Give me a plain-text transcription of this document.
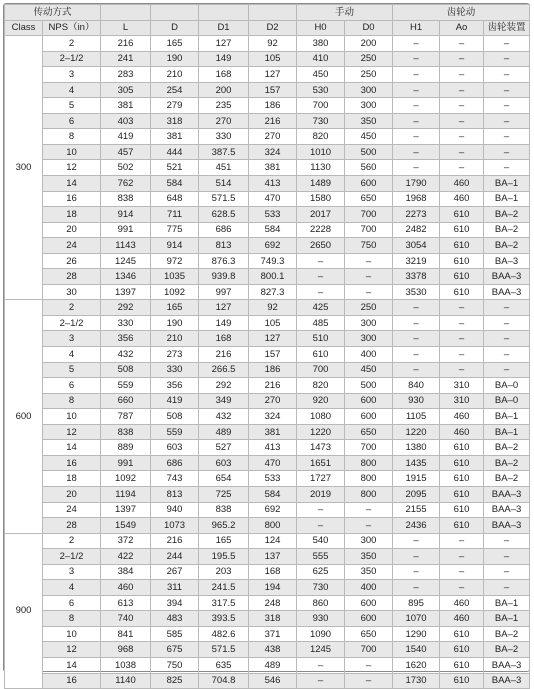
传动方式						手动		齿轮动		
Class	NPS（in）	L	D	D1	D2	H0	D0	H1	Ao	齿轮装置
300	2	216	165	127	92	380	200	–	–	–
	2–1/2	241	190	149	105	410	250	–	–	–
	3	283	210	168	127	450	250	–	–	–
	4	305	254	200	157	530	300	–	–	–
	5	381	279	235	186	700	300	–	–	–
	6	403	318	270	216	730	350	–	–	–
	8	419	381	330	270	820	450	–	–	–
	10	457	444	387.5	324	1010	500	–	–	–
	12	502	521	451	381	1130	560	–	–	–
	14	762	584	514	413	1489	600	1790	460	BA–1
	16	838	648	571.5	470	1580	650	1968	460	BA–1
	18	914	711	628.5	533	2017	700	2273	610	BA–2
	20	991	775	686	584	2228	700	2482	610	BA–2
	24	1143	914	813	692	2650	750	3054	610	BA–2
	26	1245	972	876.3	749.3	–	–	3219	610	BA–3
	28	1346	1035	939.8	800.1	–	–	3378	610	BAA–3
	30	1397	1092	997	827.3	–	–	3530	610	BAA–3
600	2	292	165	127	92	425	250	–	–	–
	2–1/2	330	190	149	105	485	300	–	–	–
	3	356	210	168	127	510	300	–	–	–
	4	432	273	216	157	610	400	–	–	–
	5	508	330	266.5	186	700	450	–	–	–
	6	559	356	292	216	820	500	840	310	BA–0
	8	660	419	349	270	920	600	930	310	BA–0
	10	787	508	432	324	1080	600	1105	460	BA–1
	12	838	559	489	381	1220	650	1220	460	BA–1
	14	889	603	527	413	1473	700	1380	610	BA–2
	16	991	686	603	470	1651	800	1435	610	BA–2
	18	1092	743	654	533	1727	800	1915	610	BA–2
	20	1194	813	725	584	2019	800	2095	610	BAA–3
	24	1397	940	838	692	–	–	2155	610	BAA–3
	28	1549	1073	965.2	800	–	–	2436	610	BAA–3
900	2	372	216	165	124	540	300	–	–	–
	2–1/2	422	244	195.5	137	555	350	–	–	–
	3	384	267	203	168	625	350	–	–	–
	4	460	311	241.5	194	730	400	–	–	–
	6	613	394	317.5	248	860	600	895	460	BA–1
	8	740	483	393.5	318	930	600	1070	460	BA–1
	10	841	585	482.6	371	1090	650	1290	610	BA–2
	12	968	675	571.5	438	1245	700	1540	610	BA–2
	14	1038	750	635	489	–	–	1620	610	BAA–3
	16	1140	825	704.8	546	–	–	1730	610	BAA–3
